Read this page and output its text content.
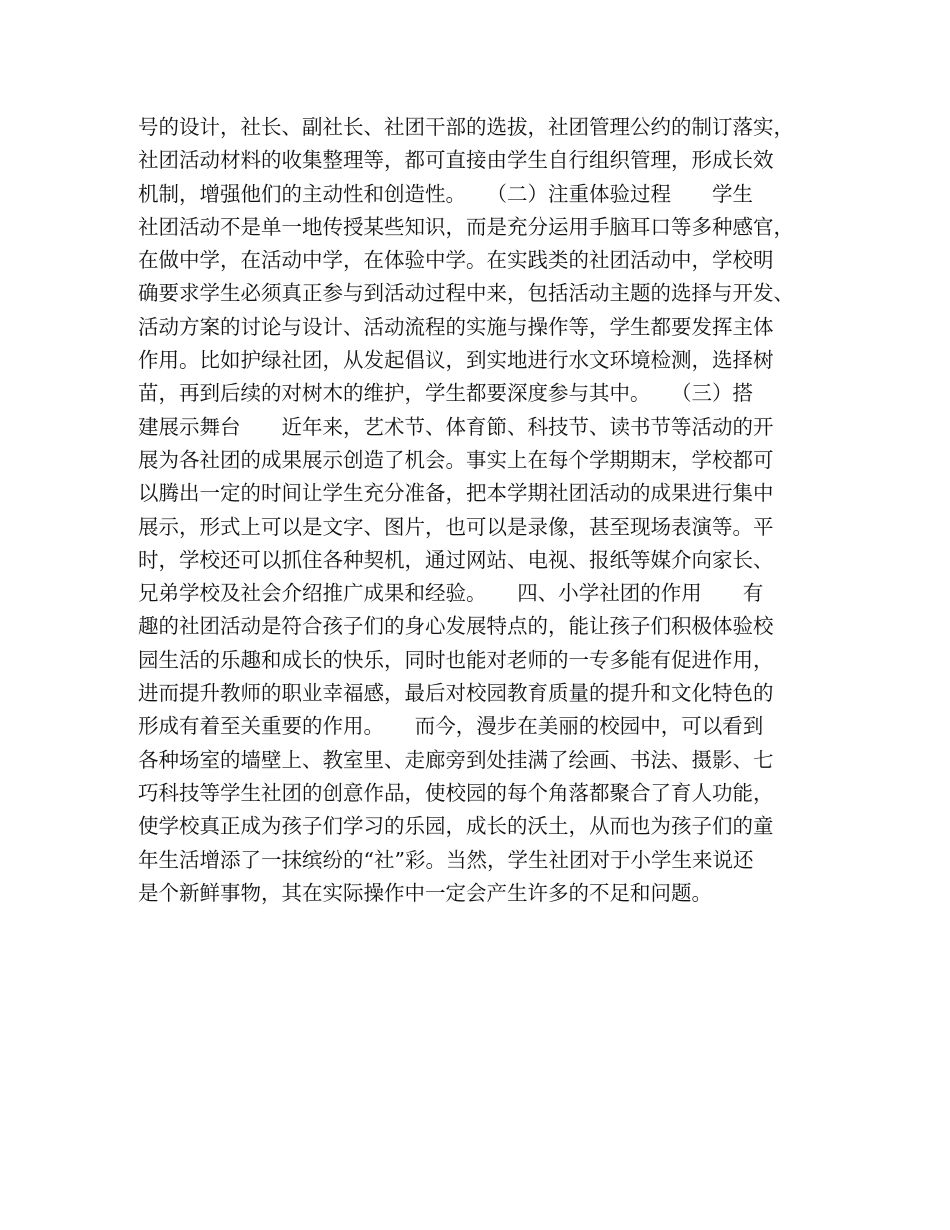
号的设计，社长、副社长、社团干部的选拔，社团管理公约的制订落实，
社团活动材料的收集整理等，都可直接由学生自行组织管理，形成长效
机制，增强他们的主动性和创造性。　　（二）注重体验过程　　学生
社团活动不是单一地传授某些知识，而是充分运用手脑耳口等多种感官，
在做中学，在活动中学，在体验中学。在实践类的社团活动中，学校明
确要求学生必须真正参与到活动过程中来，包括活动主题的选择与开发、
活动方案的讨论与设计、活动流程的实施与操作等，学生都要发挥主体
作用。比如护绿社团，从发起倡议，到实地进行水文环境检测，选择树
苗，再到后续的对树木的维护，学生都要深度参与其中。　　（三）搭
建展示舞台　　近年来，艺术节、体育節、科技节、读书节等活动的开
展为各社团的成果展示创造了机会。事实上在每个学期期末，学校都可
以腾出一定的时间让学生充分准备，把本学期社团活动的成果进行集中
展示，形式上可以是文字、图片，也可以是录像，甚至现场表演等。平
时，学校还可以抓住各种契机，通过网站、电视、报纸等媒介向家长、
兄弟学校及社会介绍推广成果和经验。　　四、小学社团的作用　　有
趣的社团活动是符合孩子们的身心发展特点的，能让孩子们积极体验校
园生活的乐趣和成长的快乐，同时也能对老师的一专多能有促进作用，
进而提升教师的职业幸福感，最后对校园教育质量的提升和文化特色的
形成有着至关重要的作用。　　而今，漫步在美丽的校园中，可以看到
各种场室的墙壁上、教室里、走廊旁到处挂满了绘画、书法、摄影、七
巧科技等学生社团的创意作品，使校园的每个角落都聚合了育人功能，
使学校真正成为孩子们学习的乐园，成长的沃土，从而也为孩子们的童
年生活增添了一抹缤纷的“社”彩。当然，学生社团对于小学生来说还
是个新鲜事物，其在实际操作中一定会产生许多的不足和问题。
